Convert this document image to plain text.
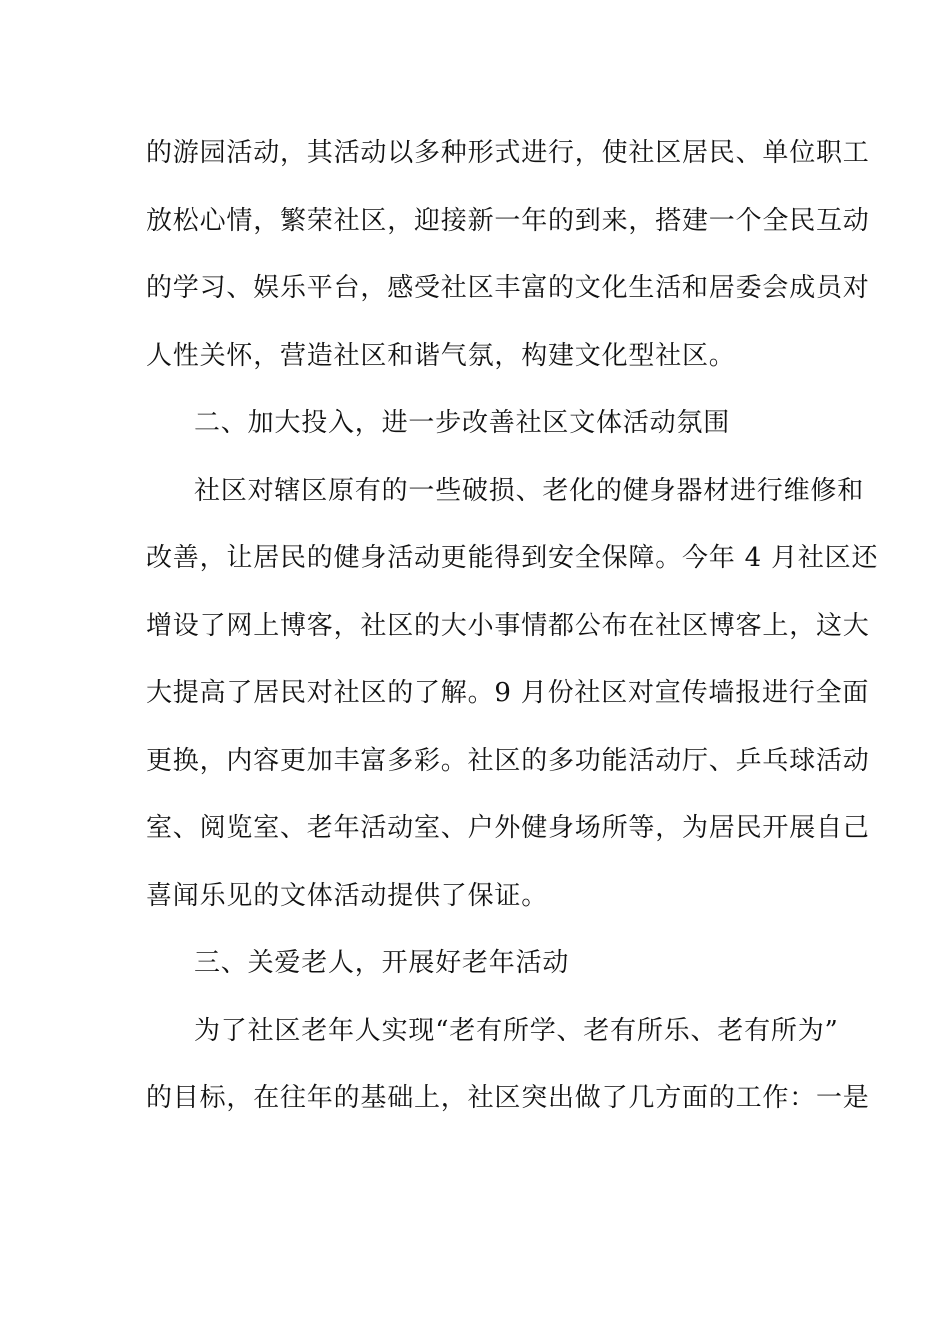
的游园活动，其活动以多种形式进行，使社区居民、单位职工
放松心情，繁荣社区，迎接新一年的到来，搭建一个全民互动
的学习、娱乐平台，感受社区丰富的文化生活和居委会成员对
人性关怀，营造社区和谐气氛，构建文化型社区。
二、加大投入，进一步改善社区文体活动氛围
社区对辖区原有的一些破损、老化的健身器材进行维修和
改善，让居民的健身活动更能得到安全保障。今年 4 月社区还
增设了网上博客，社区的大小事情都公布在社区博客上，这大
大提高了居民对社区的了解。9 月份社区对宣传墙报进行全面
更换，内容更加丰富多彩。社区的多功能活动厅、乒乓球活动
室、阅览室、老年活动室、户外健身场所等，为居民开展自己
喜闻乐见的文体活动提供了保证。
三、关爱老人，开展好老年活动
为了社区老年人实现“老有所学、老有所乐、老有所为”
的目标，在往年的基础上，社区突出做了几方面的工作：一是
